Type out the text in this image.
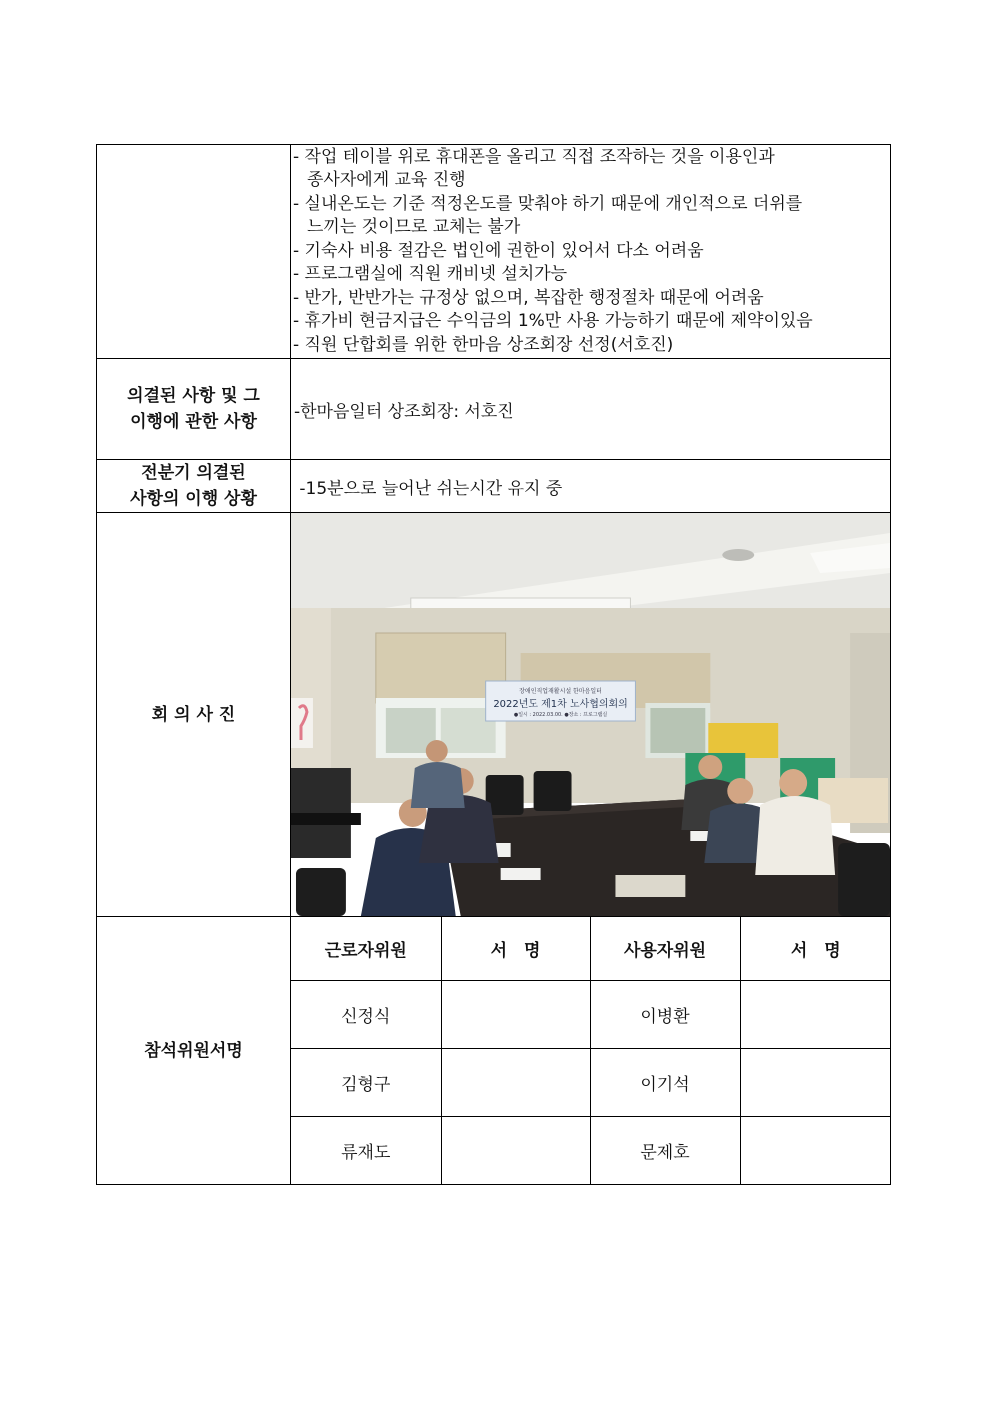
- 작업 테이블 위로 휴대폰을 올리고 직접 조작하는 것을 이용인과
종사자에게 교육 진행
- 실내온도는 기준 적정온도를 맞춰야 하기 때문에 개인적으로 더위를
느끼는 것이므로 교체는 불가
- 기숙사 비용 절감은 법인에 권한이 있어서 다소 어려움
- 프로그램실에 직원 캐비넷 설치가능
- 반가, 반반가는 규정상 없으며, 복잡한 행정절차 때문에 어려움
- 휴가비 현금지급은 수익금의 1%만 사용 가능하기 때문에 제약이있음
- 직원 단합회를 위한 한마음 상조회장 선정(서호진)

의결된 사항 및 그
이행에 관한 사항
	-한마음일터 상조회장: 서호진

전분기 의결된
사항의 이행 상황
	-15분으로 늘어난 쉬는시간 유지 중
회 의 사 진	
장애인직업재활시설 한마음일터
2022년도 제1차 노사협의회의
●일시 : 2022.03.00. ●장소 : 프로그램실

참석위원서명	
근로자위원	서　명	사용자위원	서　명
신정식		이병환	
김형구		이기석	
류재도		문제호	
